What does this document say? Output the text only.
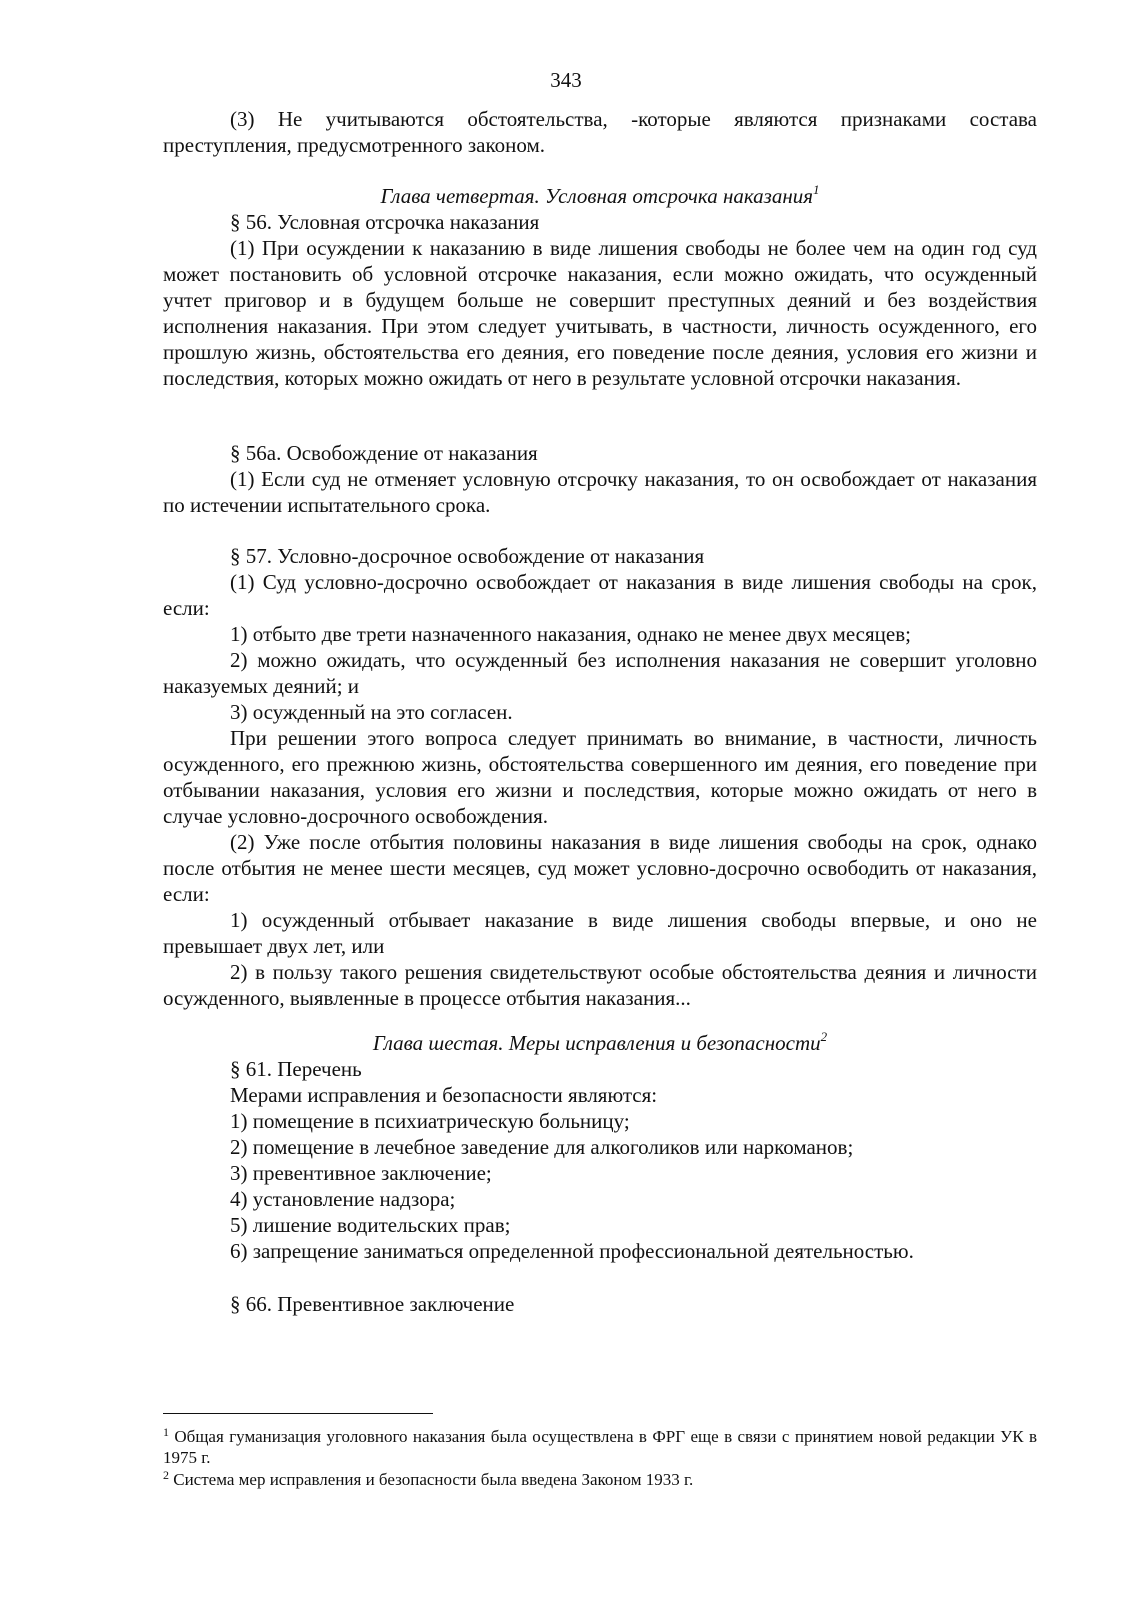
343

(3) Не учитываются обстоятельства, -которые являются признаками состава преступления, предусмотренного законом.

Глава четвертая. Условная отсрочка наказания$^1$

§ 56. Условная отсрочка наказания

(1) При осуждении к наказанию в виде лишения свободы не более чем на один год суд может постановить об условной отсрочке наказания, если можно ожидать, что осужденный учтет приговор и в будущем больше не совершит преступных деяний и без воздействия исполнения наказания. При этом следует учитывать, в частности, личность осужденного, его прошлую жизнь, обстоятельства его деяния, его поведение после деяния, условия его жизни и последствия, которых можно ожидать от него в результате условной отсрочки наказания.

§ 56а. Освобождение от наказания

(1) Если суд не отменяет условную отсрочку наказания, то он освобождает от наказания по истечении испытательного срока.

§ 57. Условно-досрочное освобождение от наказания

(1) Суд условно-досрочно освобождает от наказания в виде лишения свободы на срок, если:

1) отбыто две трети назначенного наказания, однако не менее двух месяцев;

2) можно ожидать, что осужденный без исполнения наказания не совершит уголовно наказуемых деяний; и

3) осужденный на это согласен.

При решении этого вопроса следует принимать во внимание, в частности, личность осужденного, его прежнюю жизнь, обстоятельства совершенного им деяния, его поведение при отбывании наказания, условия его жизни и последствия, которые можно ожидать от него в случае условно-досрочного освобождения.

(2) Уже после отбытия половины наказания в виде лишения свободы на срок, однако после отбытия не менее шести месяцев, суд может условно-досрочно освободить от наказания, если:

1) осужденный отбывает наказание в виде лишения свободы впервые, и оно не превышает двух лет, или

2) в пользу такого решения свидетельствуют особые обстоятельства деяния и личности осужденного, выявленные в процессе отбытия наказания...

Глава шестая. Меры исправления и безопасности$^2$

§ 61. Перечень

Мерами исправления и безопасности являются:

1) помещение в психиатрическую больницу;

2) помещение в лечебное заведение для алкоголиков или наркоманов;

3) превентивное заключение;

4) установление надзора;

5) лишение водительских прав;

6) запрещение заниматься определенной профессиональной деятельностью.

§ 66. Превентивное заключение

$^1$ Общая гуманизация уголовного наказания была осуществлена в ФРГ еще в связи с принятием новой редакции УК в 1975 г.

$^2$ Система мер исправления и безопасности была введена Законом 1933 г.
